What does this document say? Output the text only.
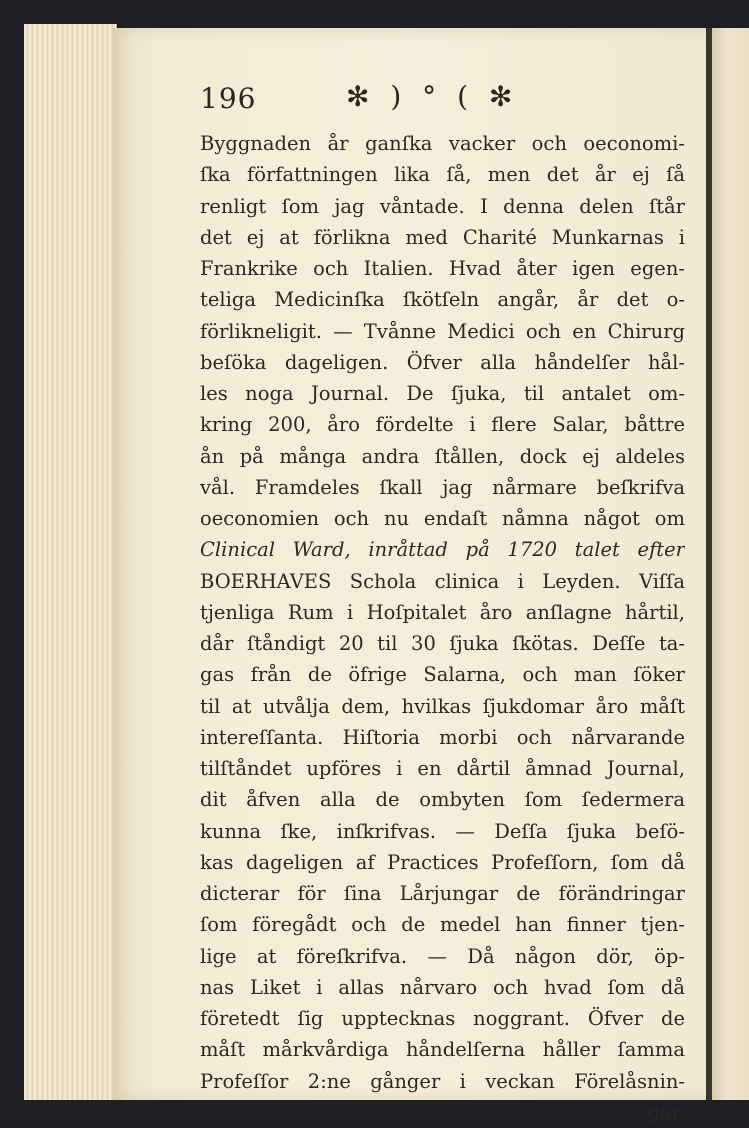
196	✻ ) ° ( ✻
Byggnaden år ganſka vacker och oeconomi-
ſka författningen lika ſå, men det år ej ſå
renligt ſom jag våntade. I denna delen ſtår
det ej at förlikna med Charité Munkarnas i
Frankrike och Italien. Hvad åter igen egen-
teliga Medicinſka ſkötſeln angår, år det o-
förlikneligit. — Tvånne Medici och en Chirurg
beſöka dageligen. Öfver alla håndelſer hål-
les noga Journal. De ſjuka, til antalet om-
kring 200, åro fördelte i flere Salar, båttre
ån på många andra ſtållen, dock ej aldeles
vål. Framdeles ſkall jag nårmare beſkrifva
oeconomien och nu endaſt nåmna något om
Clinical Ward, inråttad på 1720 talet efter
BOERHAVES Schola clinica i Leyden. Viſſa
tjenliga Rum i Hoſpitalet åro anſlagne hårtil,
dår ſtåndigt 20 til 30 ſjuka ſkötas. Deſſe ta-
gas från de öfrige Salarna, och man ſöker
til at utvålja dem, hvilkas ſjukdomar åro måſt
intereſſanta. Hiſtoria morbi och nårvarande
tilſtåndet upföres i en dårtil åmnad Journal,
dit åfven alla de ombyten ſom ſedermera
kunna ſke, inſkrifvas. — Deſſa ſjuka beſö-
kas dageligen af Practices Profeſſorn, ſom då
dicterar för ſina Lårjungar de förändringar
ſom föregådt och de medel han finner tjen-
lige at föreſkrifva. — Då någon dör, öp-
nas Liket i allas nårvaro och hvad ſom då
företedt ſig upptecknas noggrant. Öfver de
måſt mårkvårdiga håndelſerna håller ſamma
Profeſſor 2:ne gånger i veckan Förelåsnin-
gar,
